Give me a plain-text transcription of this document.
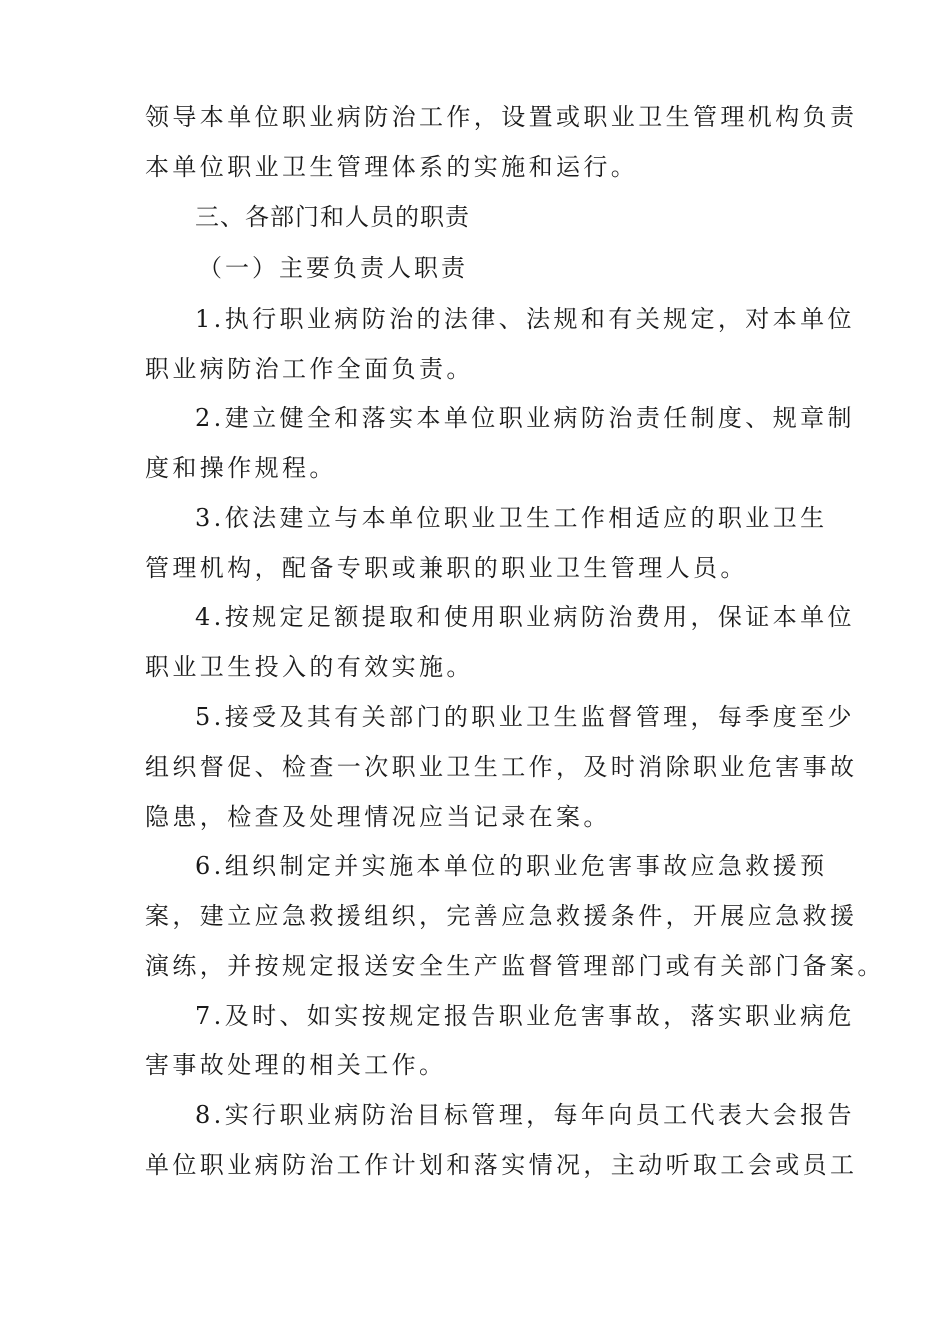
领导本单位职业病防治工作，设置或职业卫生管理机构负责
本单位职业卫生管理体系的实施和运行。
三、各部门和人员的职责
（一）主要负责人职责
1.执行职业病防治的法律、法规和有关规定，对本单位
职业病防治工作全面负责。
2.建立健全和落实本单位职业病防治责任制度、规章制
度和操作规程。
3.依法建立与本单位职业卫生工作相适应的职业卫生
管理机构，配备专职或兼职的职业卫生管理人员。
4.按规定足额提取和使用职业病防治费用，保证本单位
职业卫生投入的有效实施。
5.接受及其有关部门的职业卫生监督管理，每季度至少
组织督促、检查一次职业卫生工作，及时消除职业危害事故
隐患，检查及处理情况应当记录在案。
6.组织制定并实施本单位的职业危害事故应急救援预
案，建立应急救援组织，完善应急救援条件，开展应急救援
演练，并按规定报送安全生产监督管理部门或有关部门备案。
7.及时、如实按规定报告职业危害事故，落实职业病危
害事故处理的相关工作。
8.实行职业病防治目标管理，每年向员工代表大会报告
单位职业病防治工作计划和落实情况，主动听取工会或员工
